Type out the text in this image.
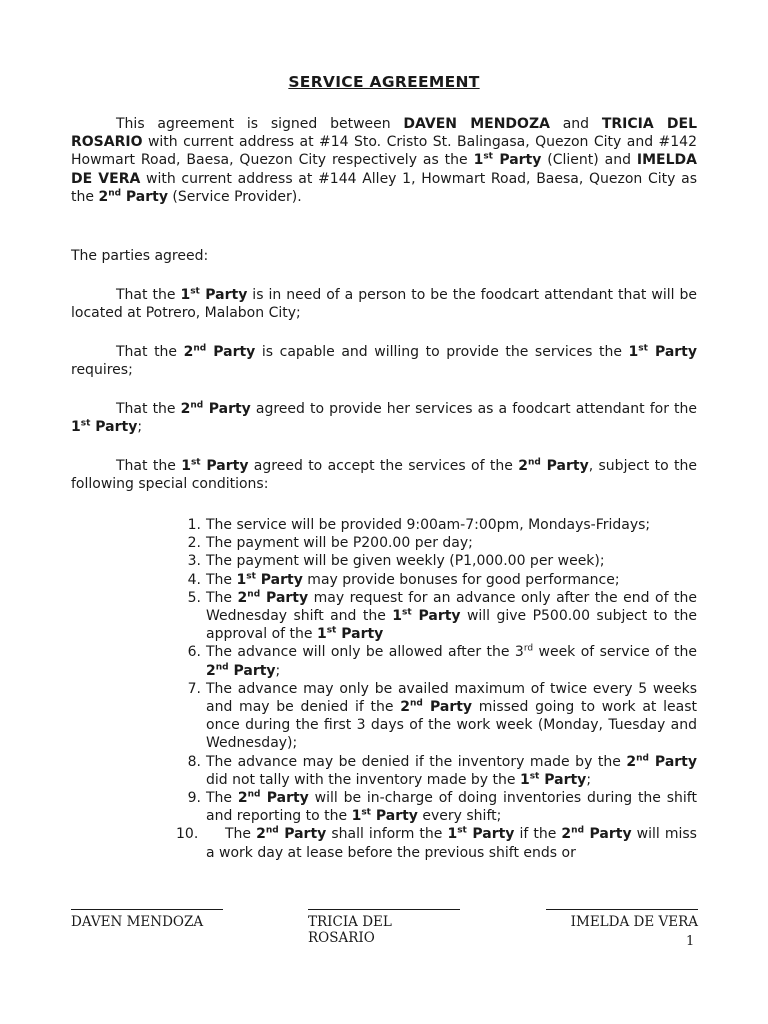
SERVICE AGREEMENT

This agreement is signed between DAVEN MENDOZA and TRICIA DEL ROSARIO with current address at #14 Sto. Cristo St. Balingasa, Quezon City and #142 Howmart Road, Baesa, Quezon City respectively as the 1st Party (Client) and IMELDA DE VERA with current address at #144 Alley 1, Howmart Road, Baesa, Quezon City as the 2nd Party (Service Provider).

The parties agreed:

That the 1st Party is in need of a person to be the foodcart attendant that will be located at Potrero, Malabon City;

That the 2nd Party is capable and willing to provide the services the 1st Party requires;

That the 2nd Party agreed to provide her services as a foodcart attendant for the 1st Party;

That the 1st Party agreed to accept the services of the 2nd Party, subject to the following special conditions:

1. The service will be provided 9:00am-7:00pm, Mondays-Fridays;
2. The payment will be P200.00 per day;
3. The payment will be given weekly (P1,000.00 per week);
4. The 1st Party may provide bonuses for good performance;
5. The 2nd Party may request for an advance only after the end of the Wednesday shift and the 1st Party will give P500.00 subject to the approval of the 1st Party
6. The advance will only be allowed after the 3rd week of service of the 2nd Party;
7. The advance may only be availed maximum of twice every 5 weeks and may be denied if the 2nd Party missed going to work at least once during the first 3 days of the work week (Monday, Tuesday and Wednesday);
8. The advance may be denied if the inventory made by the 2nd Party did not tally with the inventory made by the 1st Party;
9. The 2nd Party will be in-charge of doing inventories during the shift and reporting to the 1st Party every shift;
10. The 2nd Party shall inform the 1st Party if the 2nd Party will miss a work day at lease before the previous shift ends or
DAVEN MENDOZA	TRICIA DEL ROSARIO
IMELDA DE VERA
1
